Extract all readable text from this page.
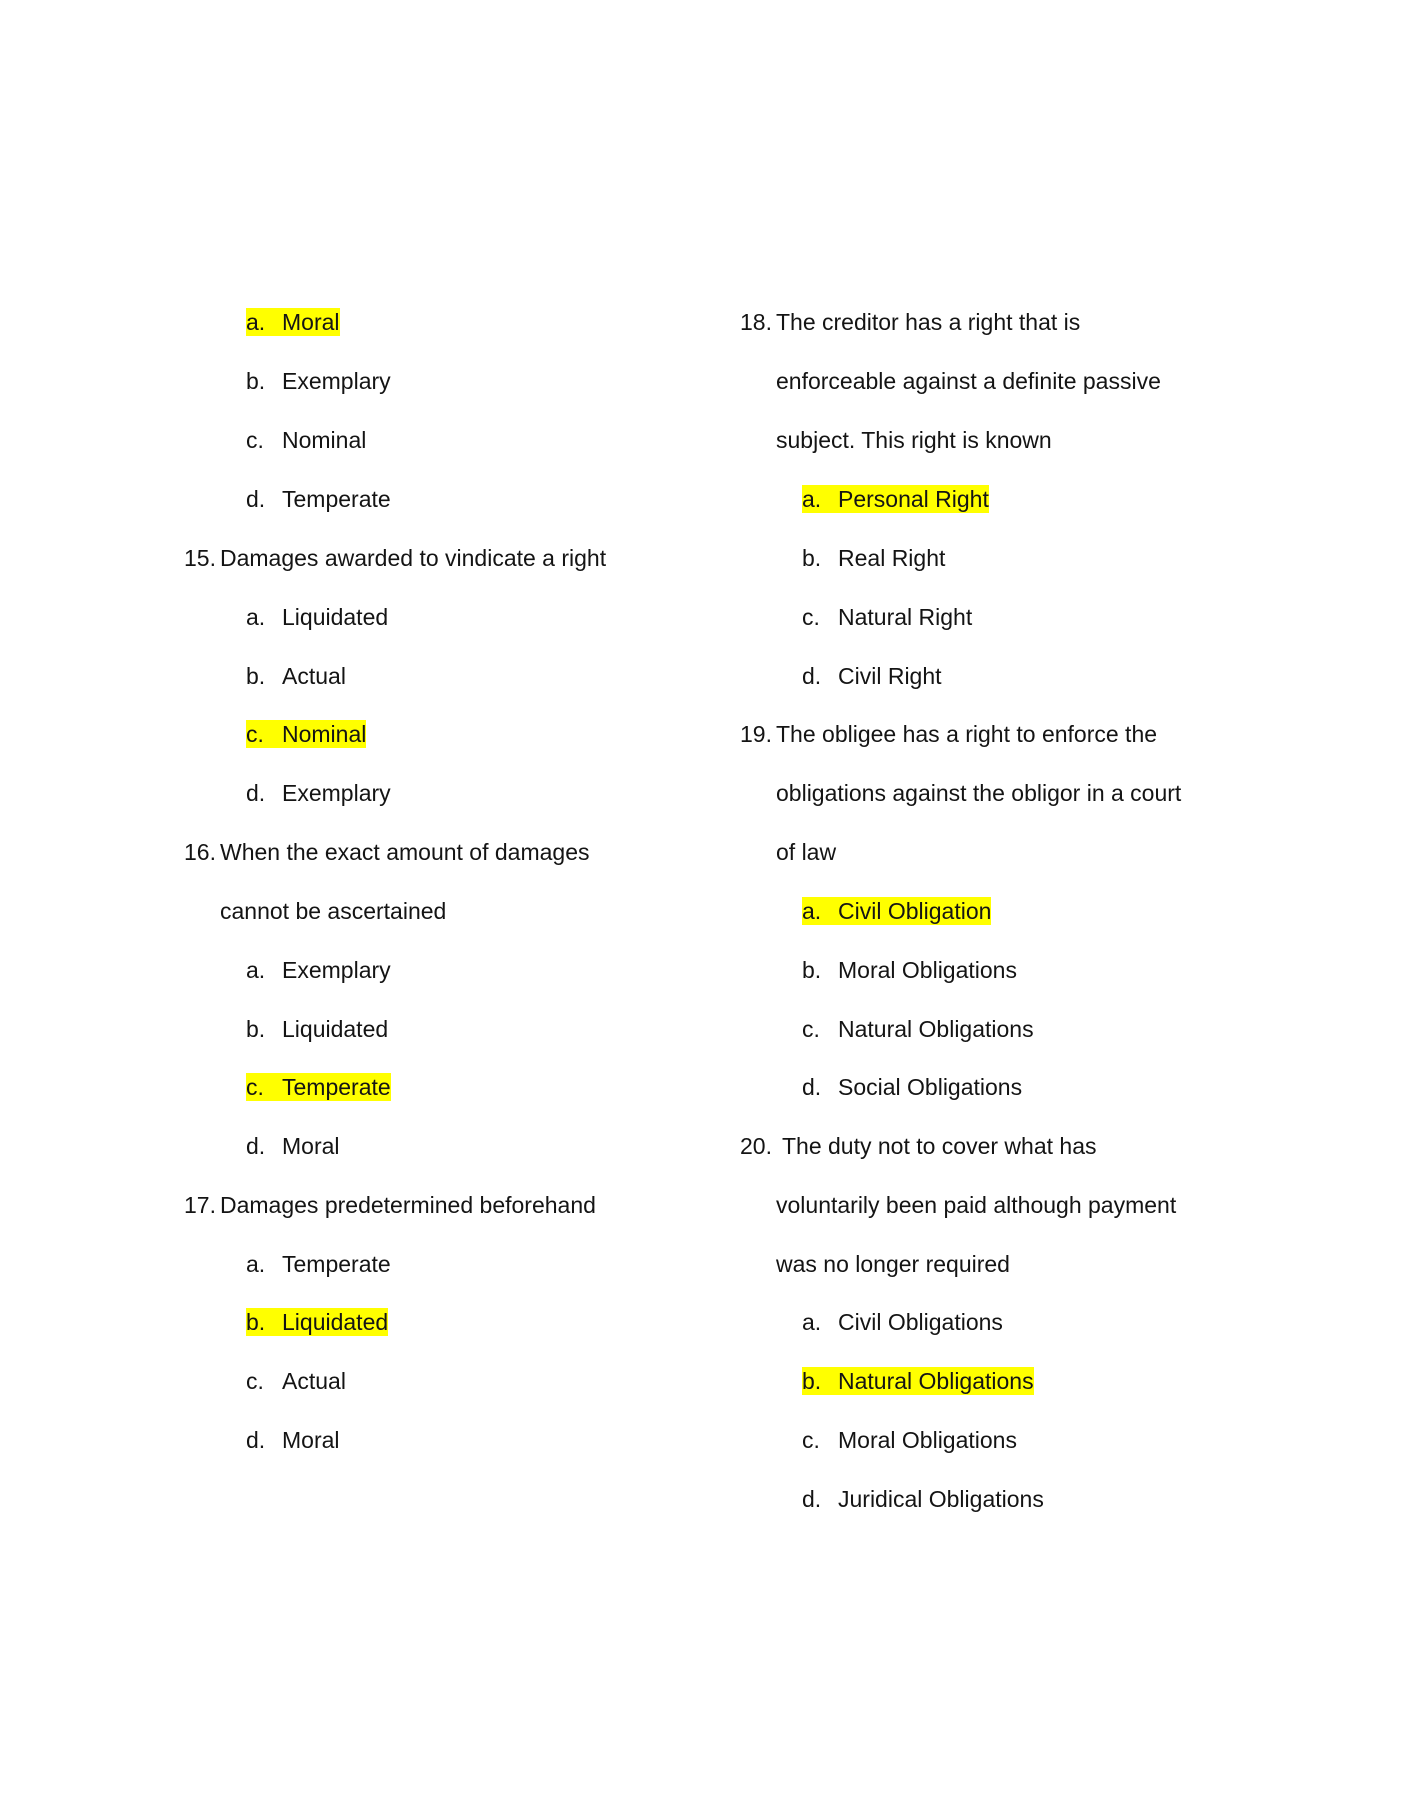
a. Moral
b. Exemplary
c. Nominal
d. Temperate
15. Damages awarded to vindicate a right
a. Liquidated
b. Actual
c. Nominal
d. Exemplary
16. When the exact amount of damages
cannot be ascertained
a. Exemplary
b. Liquidated
c. Temperate
d. Moral
17. Damages predetermined beforehand
a. Temperate
b. Liquidated
c. Actual
d. Moral
18. The creditor has a right that is
enforceable against a definite passive
subject. This right is known
a. Personal Right
b. Real Right
c. Natural Right
d. Civil Right
19. The obligee has a right to enforce the
obligations against the obligor in a court
of law
a. Civil Obligation
b. Moral Obligations
c. Natural Obligations
d. Social Obligations
20. The duty not to cover what has
voluntarily been paid although payment
was no longer required
a. Civil Obligations
b. Natural Obligations
c. Moral Obligations
d. Juridical Obligations
